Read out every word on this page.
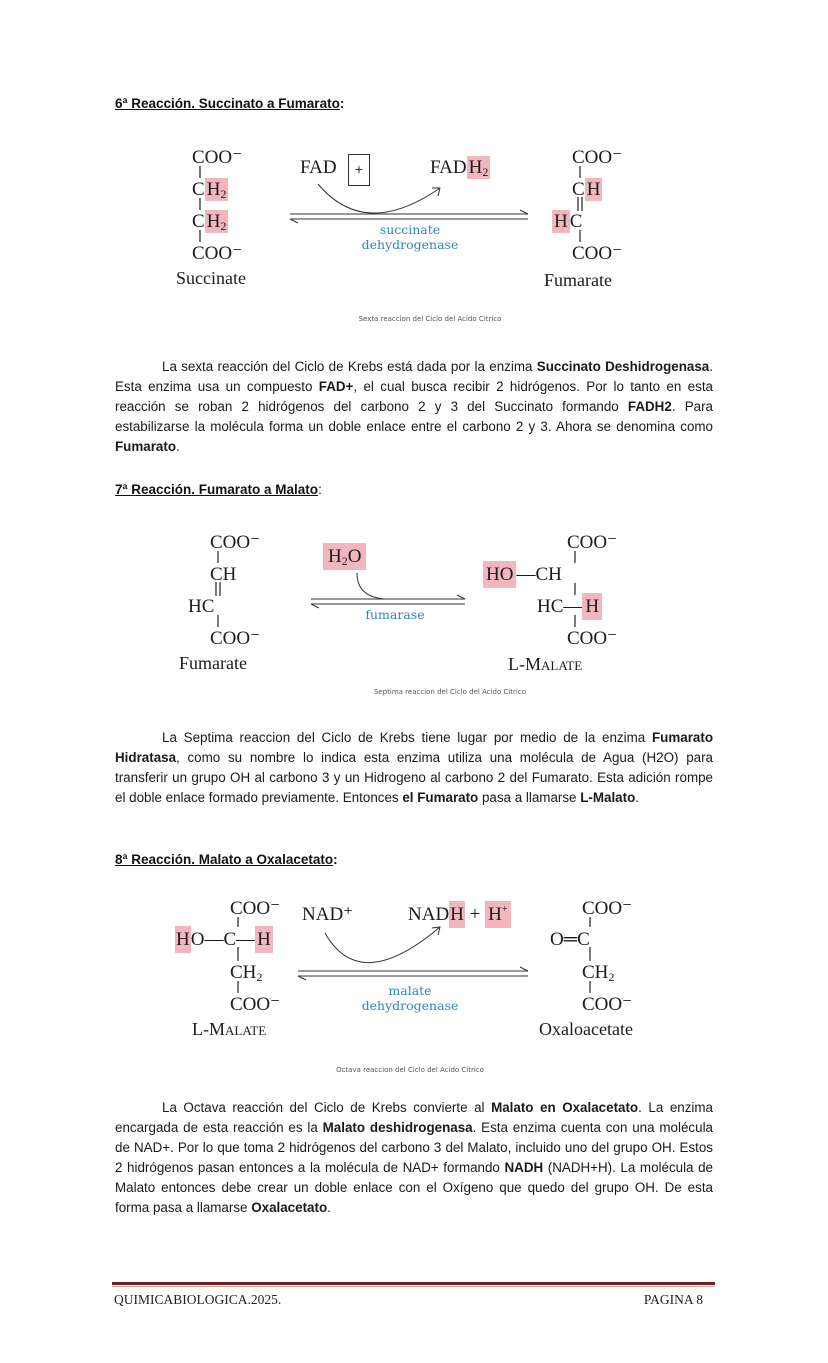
6ª Reacción. Succinato a Fumarato:
COO⁻
C $H_2$
C $H_2$
COO⁻
Succinate
FAD	+	FAD $H_2$
succinate
dehydrogenase
COO⁻
C H
H C
COO⁻
Fumarate
Sexta reaccion del Ciclo del Acido Citrico
La sexta reacción del Ciclo de Krebs está dada por la enzima Succinato Deshidrogenasa. Esta enzima usa un compuesto FAD+, el cual busca recibir 2 hidrógenos. Por lo tanto en esta reacción se roban 2 hidrógenos del carbono 2 y 3 del Succinato formando FADH2. Para estabilizarse la molécula forma un doble enlace entre el carbono 2 y 3. Ahora se denomina como Fumarato.
7ª Reacción. Fumarato a Malato:
COO⁻
CH
HC
COO⁻
Fumarate
$H_2O$
fumarase
COO⁻
HO —CH
HC— H
COO⁻
L-Malate
Septima reaccion del Ciclo del Acido Citrico
La Septima reaccion del Ciclo de Krebs tiene lugar por medio de la enzima Fumarato Hidratasa, como su nombre lo indica esta enzima utiliza una molécula de Agua (H2O) para transferir un grupo OH al carbono 3 y un Hidrogeno al carbono 2 del Fumarato. Esta adición rompe el doble enlace formado previamente. Entonces el Fumarato pasa a llamarse L-Malato.
8ª Reacción. Malato a Oxalacetato:
COO⁻
HO—C— H
$CH_2$
COO⁻
L-Malate
NAD⁺	NADH + H+
malate
dehydrogenase
COO⁻
O═C
$CH_2$
COO⁻
Oxaloacetate
Octava reaccion del Ciclo del Acido Citrico
La Octava reacción del Ciclo de Krebs convierte al Malato en Oxalacetato. La enzima encargada de esta reacción es la Malato deshidrogenasa. Esta enzima cuenta con una molécula de NAD+. Por lo que toma 2 hidrógenos del carbono 3 del Malato, incluido uno del grupo OH. Estos 2 hidrógenos pasan entonces a la molécula de NAD+ formando NADH (NADH+H). La molécula de Malato entonces debe crear un doble enlace con el Oxígeno que quedo del grupo OH. De esta forma pasa a llamarse Oxalacetato.
QUIMICABIOLOGICA.2025.	PAGINA 8
